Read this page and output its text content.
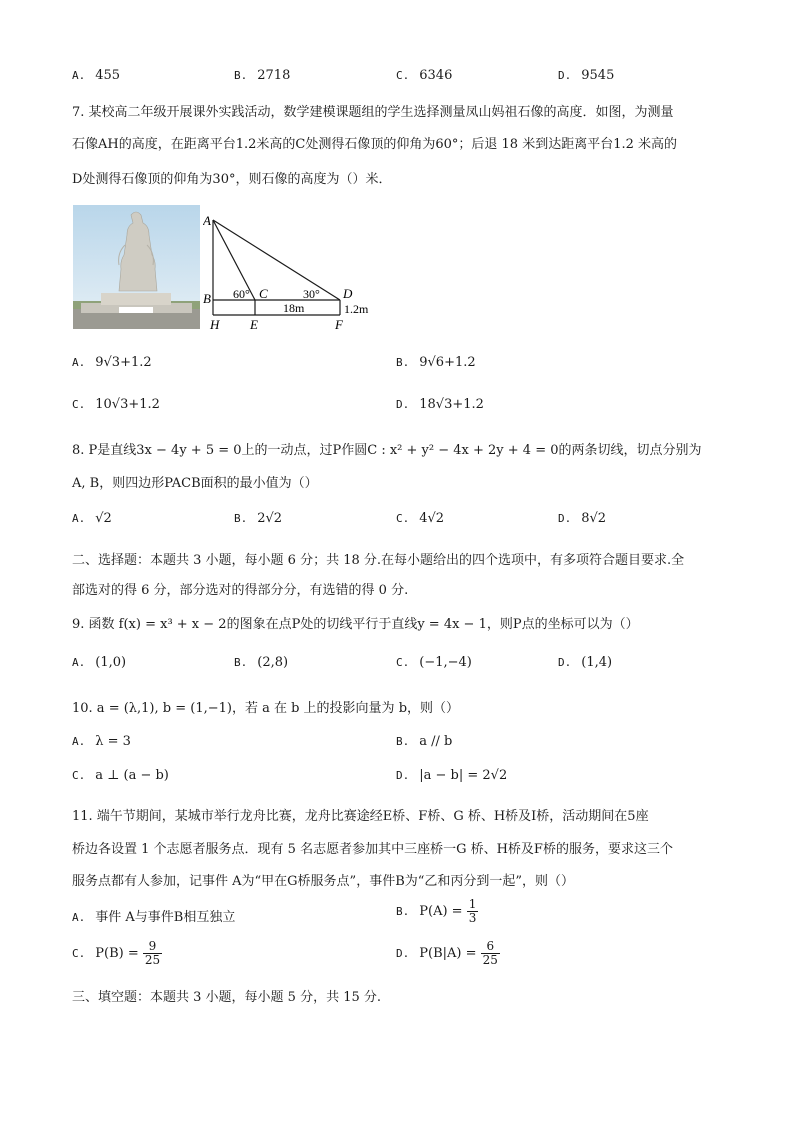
A. 455	B. 2718	C. 6346	D. 9545
7. 某校高二年级开展课外实践活动，数学建模课题组的学生选择测量凤山妈祖石像的高度．如图，为测量
石像AH的高度，在距离平台1.2米高的C处测得石像顶的仰角为60°；后退 18 米到达距离平台1.2 米高的
D处测得石像顶的仰角为30°，则石像的高度为（）米．
A
B 60° C	30° D
18m	1.2m
H E	F
A. 9√3+1.2	B. 9√6+1.2
C. 10√3+1.2	D. 18√3+1.2
8. P是直线3x − 4y + 5 = 0上的一动点，过P作圆C : x² + y² − 4x + 2y + 4 = 0的两条切线，切点分别为
A, B，则四边形PACB面积的最小值为（）
A. √2	B. 2√2	C. 4√2	D. 8√2
二、选择题：本题共 3 小题，每小题 6 分；共 18 分.在每小题给出的四个选项中，有多项符合题目要求.全
部选对的得 6 分，部分选对的得部分分，有选错的得 0 分.
9. 函数 f(x) = x³ + x − 2的图象在点P处的切线平行于直线y = 4x − 1，则P点的坐标可以为（）
A. (1,0)	B. (2,8)	C. (−1,−4)	D. (1,4)
10. a = (λ,1), b = (1,−1)，若 a 在 b 上的投影向量为 b，则（）
A. λ = 3	B. a // b
C. a ⊥ (a − b)	D. |a − b| = 2√2
11. 端午节期间，某城市举行龙舟比赛，龙舟比赛途经E桥、F桥、G 桥、H桥及I桥，活动期间在5座
桥边各设置 1 个志愿者服务点．现有 5 名志愿者参加其中三座桥一G 桥、H桥及F桥的服务，要求这三个
服务点都有人参加，记事件 A为“甲在G桥服务点”，事件B为“乙和丙分到一起”，则（）
A. 事件 A与事件B相互独立	B. $P(A) = \frac{1}{3}$
C. $P(B) = \frac{9}{25}$	D. $P(B|A) = \frac{6}{25}$
三、填空题：本题共 3 小题，每小题 5 分，共 15 分.
